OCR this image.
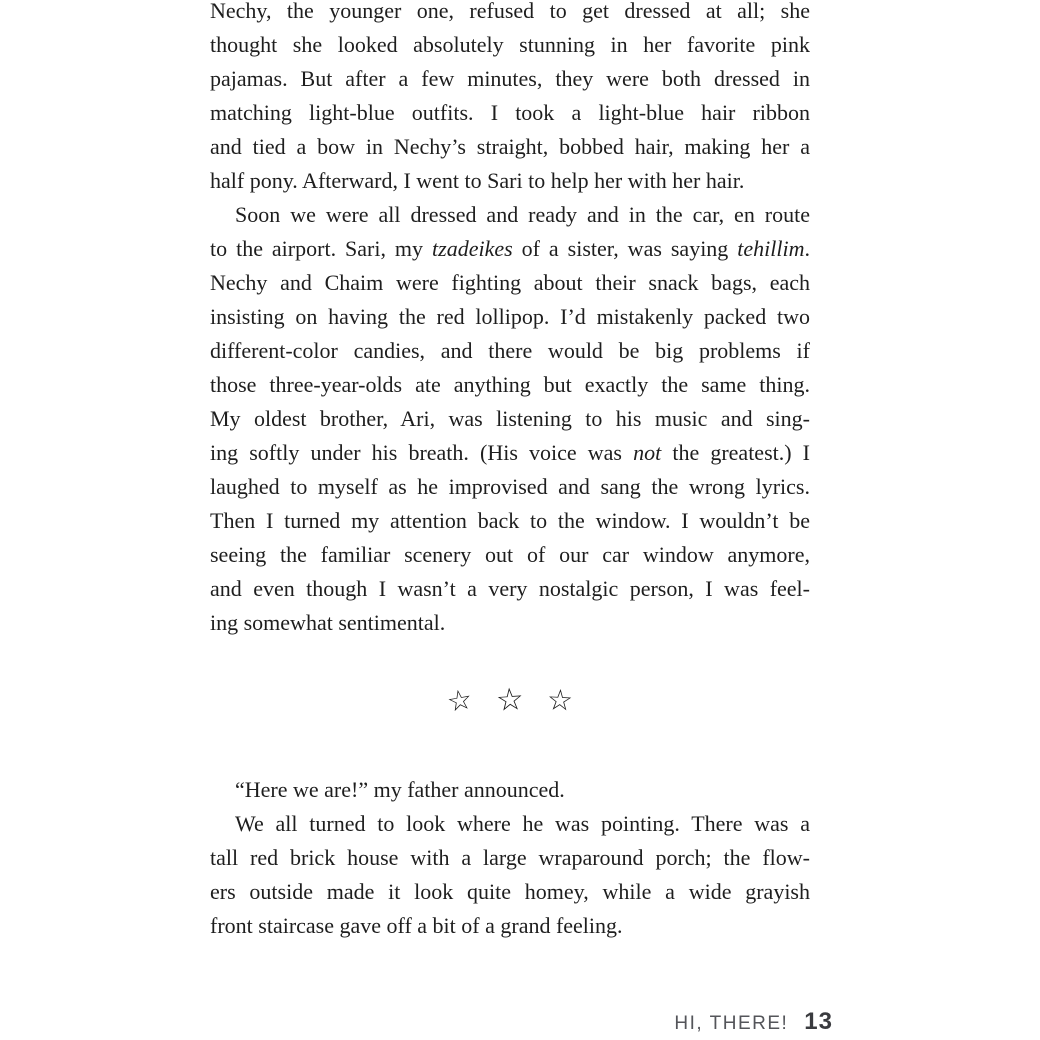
Nechy, the younger one, refused to get dressed at all; she
thought she looked absolutely stunning in her favorite pink
pajamas. But after a few minutes, they were both dressed in
matching light-blue outfits. I took a light-blue hair ribbon
and tied a bow in Nechy’s straight, bobbed hair, making her a
half pony. Afterward, I went to Sari to help her with her hair.
Soon we were all dressed and ready and in the car, en route
to the airport. Sari, my tzadeikes of a sister, was saying tehillim.
Nechy and Chaim were fighting about their snack bags, each
insisting on having the red lollipop. I’d mistakenly packed two
different-color candies, and there would be big problems if
those three-year-olds ate anything but exactly the same thing.
My oldest brother, Ari, was listening to his music and sing-
ing softly under his breath. (His voice was not the greatest.) I
laughed to myself as he improvised and sang the wrong lyrics.
Then I turned my attention back to the window. I wouldn’t be
seeing the familiar scenery out of our car window anymore,
and even though I wasn’t a very nostalgic person, I was feel-
ing somewhat sentimental.
☆ ☆ ☆
“Here we are!” my father announced.
We all turned to look where he was pointing. There was a
tall red brick house with a large wraparound porch; the flow-
ers outside made it look quite homey, while a wide grayish
front staircase gave off a bit of a grand feeling.
HI, THERE! 13
